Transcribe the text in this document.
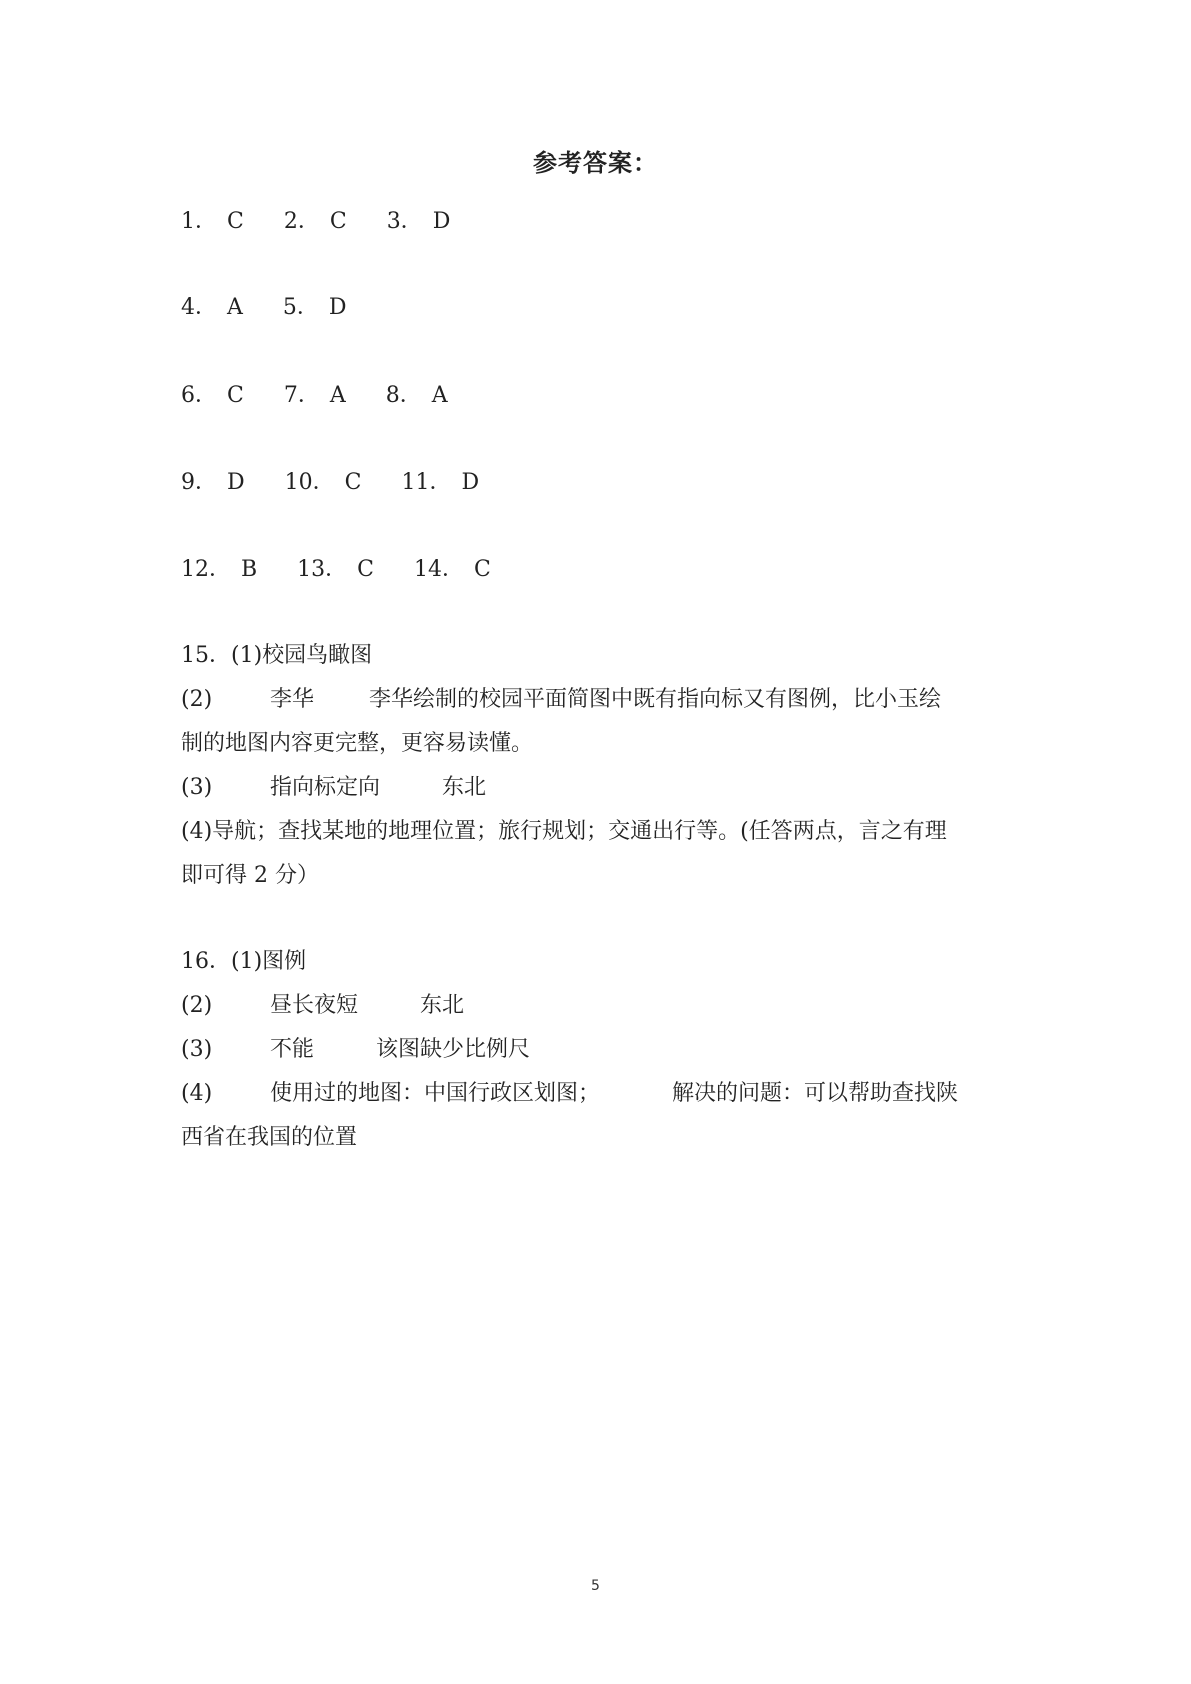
参考答案：
1． C 2． C 3． D
4． A 5． D
6． C 7． A 8． A
9． D 10． C 11． D
12． B 13． C 14． C
15．(1)校园鸟瞰图
(2)	李华	李华绘制的校园平面简图中既有指向标又有图例，比小玉绘
制的地图内容更完整，更容易读懂。
(3)	指向标定向	东北
(4)导航；查找某地的地理位置；旅行规划；交通出行等。(任答两点，言之有理
即可得 2 分）
16．(1)图例
(2)	昼长夜短	东北
(3)	不能	该图缺少比例尺
(4)	使用过的地图：中国行政区划图；	解决的问题：可以帮助查找陕
西省在我国的位置
5
